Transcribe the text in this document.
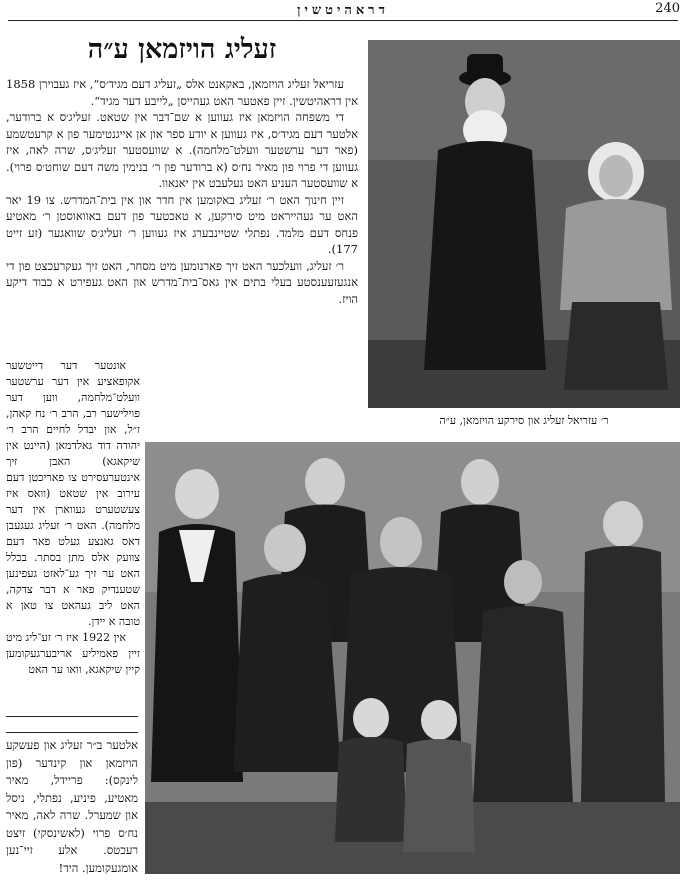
דראהיטשין	240
זעליג הויזמאן ע״ה

עזריאל זעליג הויזמאן, באקאנט אלס „זעליג דעם מגיד׳ס“, איז געבוירן 1858 אין דראהיטשין. זיין פאטער האט געהייסן „לייבע דער מגיד“.

די משפחה הויזמאן איז געווען א שם־דבר אין שטאט. זעליג׳ס א ברודער, אלטער דעם מגיד׳ס, איז געווען א יודע ספר און אן אייגנטימער פון א קרעטשמע (פאר דער ערשטער וועלט־מלחמה). א שוועסטער זעליג׳ס, שרה לאה, איז געווען די פרוי פון מאיר נח׳ס (א ברודער פון ר׳ בנימין משה דעם שוחט׳ס פרוי). א שוועסטער העניע האט געלעבט אין יאנאוו.

זיין חינוך האט ר׳ זעליג באקומען אין חדר און אין בית־המדרש. צו 19 יאר האט ער געהייראט מיט סירקען, א טאכטער פון דעם באוואוסטן ר׳ מאטיע פנחס דעם מלמד. נפתלי שטיינבערג איז געווען ר׳ זעליג׳ס שוואגער (זע זייט 177).

ר׳ זעליג, וועלכער האט זיך פארנומען מיט מסחר, האט זיך געקרעכצט פון די אנגעזעענסטע בעלי בתים אין גאס־בית־מדרש און האט געפירט א כבוד דיקע הויז.

אונטער דער דייטשער אקופאציע אין דער ערשטער וועלט־מלחמה, ווען דער פוילישער רב, הרב ר׳ נח קאהן, ז״ל, און יבדל לחיים הרב ר׳ יהודה דוד גאלדמאן (היינט אין שיקאגא) האבן זיך אינטערעסירט צו פאריכטן דעם עירוב אין שטאט (וואס איז צעשטערט געווארן אין דער מלחמה). האט ר׳ זעליג געגעבן דאס גאנצע געלט פאר דעם צוועק אלס מתן בסתר. בכלל האט ער זיך גע־לאזט געפינען שטענדיק פאר א דבר צדקה, האט ליב געהאט צו טאן א טובה א יידן.

אין 1922 איז ר׳ זע־ליג מיט זיין פאמיליע אריבערגעקומען קיין שיקאגא, וואו ער האט

ר׳ עזריאל זעליג און סירקע הויזמאן, ע״ה
אלטער ב״ר זעליג און פעשקע הויזמאן און קינדער (פון לינקס): פריידל, מאיר מאטיע, פיניע, נפתלי, ניסל און שמערל. שרה לאה, מאיר נח׳ס פרוי (לאשינסקי) זיצט רעכטס. אלע זיי־נען אומגעקומען. היד!
